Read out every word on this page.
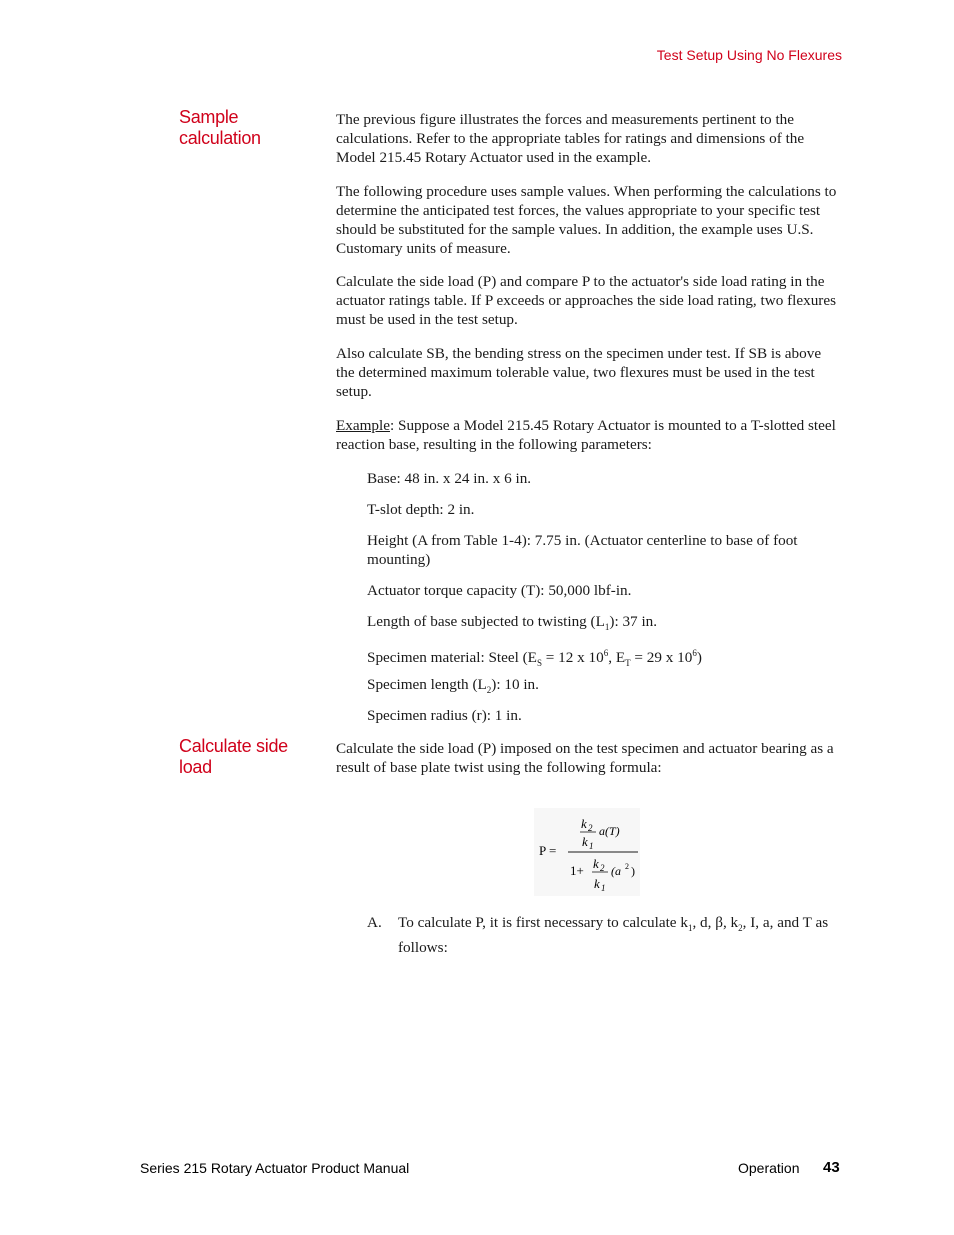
Test Setup Using No Flexures
Sample calculation

The previous figure illustrates the forces and measurements pertinent to the calculations. Refer to the appropriate tables for ratings and dimensions of the Model 215.45 Rotary Actuator used in the example.

The following procedure uses sample values. When performing the calculations to determine the anticipated test forces, the values appropriate to your specific test should be substituted for the sample values. In addition, the example uses U.S. Customary units of measure.

Calculate the side load (P) and compare P to the actuator's side load rating in the actuator ratings table. If P exceeds or approaches the side load rating, two flexures must be used in the test setup.

Also calculate SB, the bending stress on the specimen under test. If SB is above the determined maximum tolerable value, two flexures must be used in the test setup.

Example: Suppose a Model 215.45 Rotary Actuator is mounted to a T-slotted steel reaction base, resulting in the following parameters:

Base: 48 in. x 24 in. x 6 in.

T-slot depth: 2 in.

Height (A from Table 1-4): 7.75 in. (Actuator centerline to base of foot mounting)

Actuator torque capacity (T): 50,000 lbf-in.

Length of base subjected to twisting $(L_1)$: 37 in.

Specimen material: Steel ($E_S = 12$ x $10^6$, $E_T = 29$ x $10^6$)

Specimen length $(L_2)$: 10 in.

Specimen radius (r): 1 in.

Calculate side load

Calculate the side load (P) imposed on the test specimen and actuator bearing as a result of base plate twist using the following formula:

P =
k 2
k 1
a(T)
1+ k 2
k 1
(a 2 )
A. To calculate P, it is first necessary to calculate $k_1$, d, β, $k_2$, I, a, and T as follows:
Series 215 Rotary Actuator Product Manual	Operation 43
